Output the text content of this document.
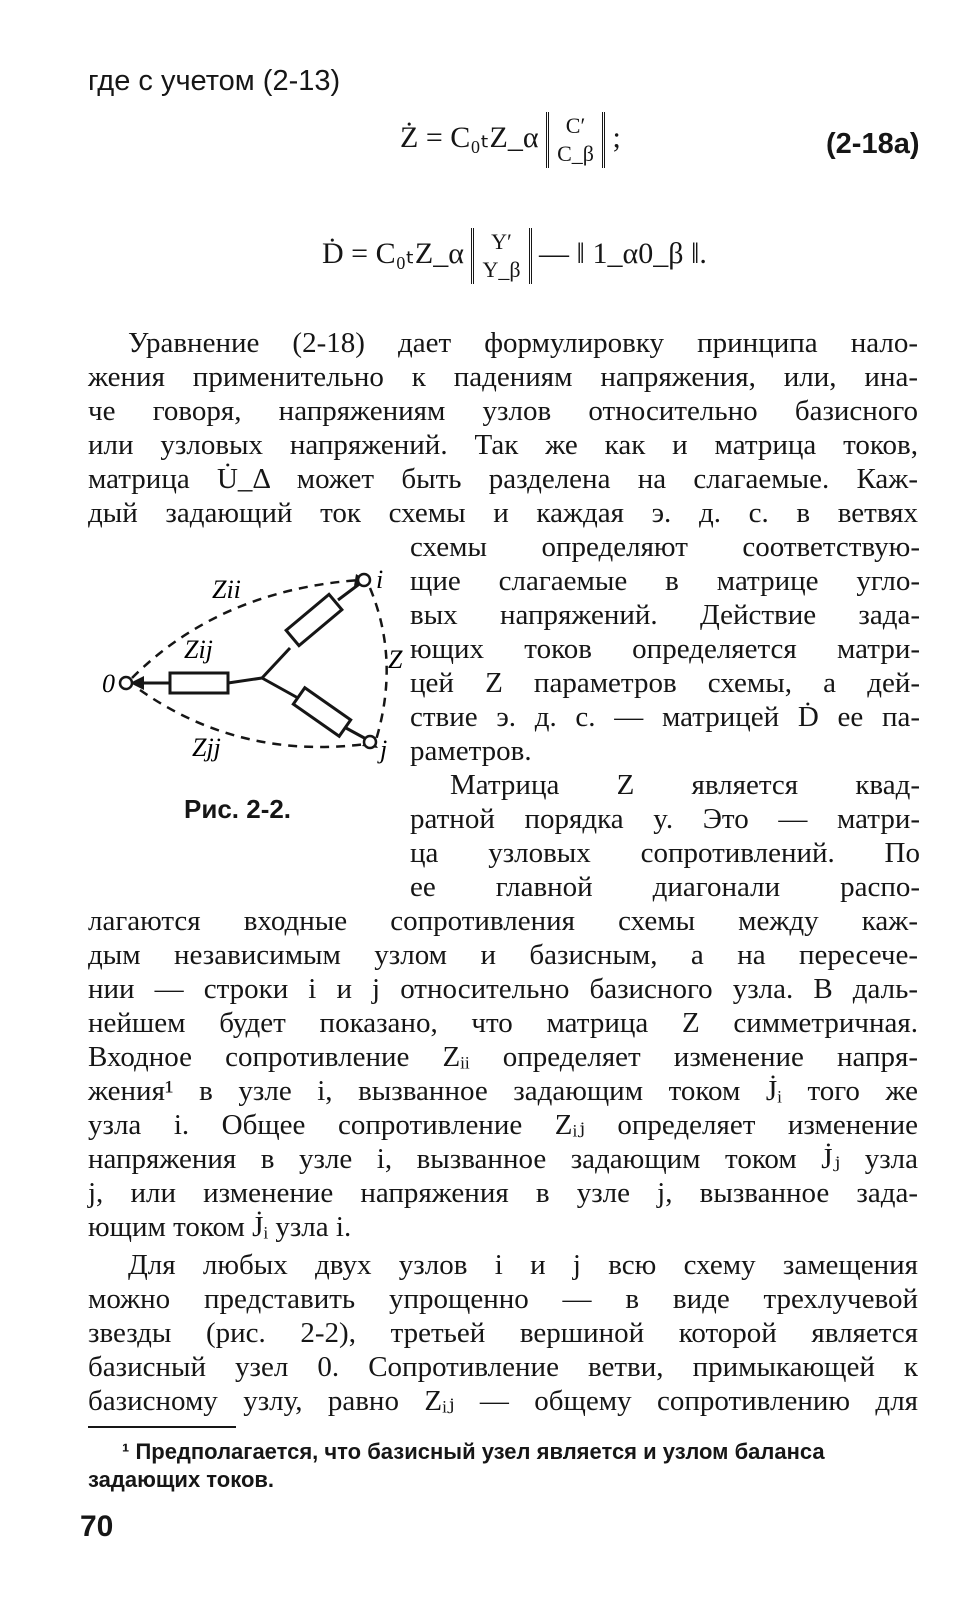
где с учетом (2-13)
Ż = C₀ₜZ_α	C′
C_β ;	(2-18a)
Ḋ = C₀ₜZ_α	Y′
Y_β — ‖ 1_α0_β ‖.
Уравнение (2-18) дает формулировку принципа нало-
жения применительно к падениям напряжения, или, ина-
че говоря, напряжениям узлов относительно базисного
или узловых напряжений. Так же как и матрица токов,
матрица U̇_Δ может быть разделена на слагаемые. Каж-
дый задающий ток схемы и каждая э. д. с. в ветвях
схемы определяют соответствую-
щие слагаемые в матрице угло-
вых напряжений. Действие зада-
ющих токов определяется матри-
цей Z параметров схемы, а дей-
ствие э. д. с. — матрицей Ḋ ее па-
раметров.
Матрица Z является квад-
ратной порядка y. Это — матри-
ца узловых сопротивлений. По
ее главной диагонали распо-
Zii
Zij
Zjj
Z
0
i
j
Рис. 2-2.
лагаются входные сопротивления схемы между каж-
дым независимым узлом и базисным, а на пересече-
нии — строки i и j относительно базисного узла. В даль-
нейшем будет показано, что матрица Z симметричная.
Входное сопротивление Zᵢᵢ определяет изменение напря-
жения¹ в узле i, вызванное задающим током J̇ᵢ того же
узла i. Общее сопротивление Zᵢⱼ определяет изменение
напряжения в узле i, вызванное задающим током J̇ⱼ узла
j, или изменение напряжения в узле j, вызванное зада-
ющим током J̇ᵢ узла i.
Для любых двух узлов i и j всю схему замещения
можно представить упрощенно — в виде трехлучевой
звезды (рис. 2-2), третьей вершиной которой является
базисный узел 0. Сопротивление ветви, примыкающей к
базисному узлу, равно Zᵢⱼ — общему сопротивлению для
¹ Предполагается, что базисный узел является и узлом баланса
задающих токов.
70
